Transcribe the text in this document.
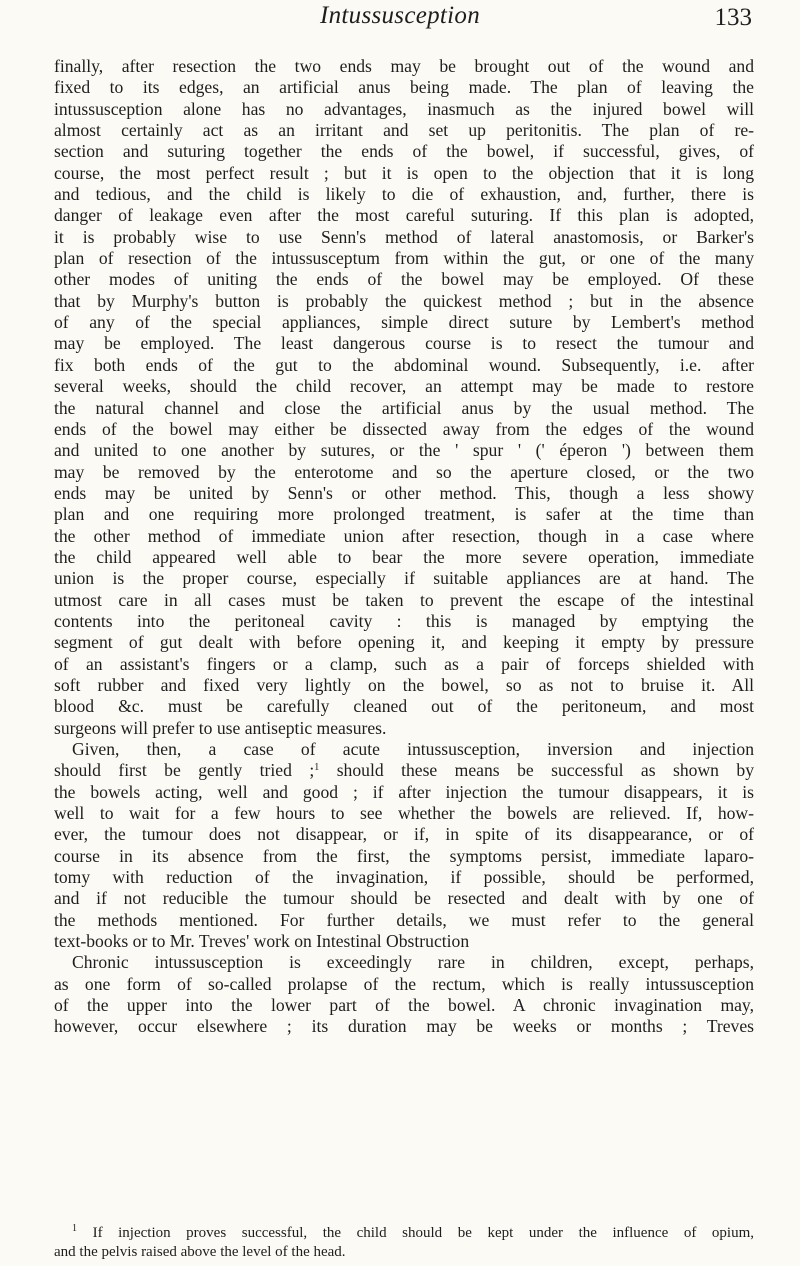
Intussusception	133
finally, after resection the two ends may be brought out of the wound and
fixed to its edges, an artificial anus being made. The plan of leaving the
intussusception alone has no advantages, inasmuch as the injured bowel will
almost certainly act as an irritant and set up peritonitis. The plan of re-
section and suturing together the ends of the bowel, if successful, gives, of
course, the most perfect result ; but it is open to the objection that it is long
and tedious, and the child is likely to die of exhaustion, and, further, there is
danger of leakage even after the most careful suturing. If this plan is adopted,
it is probably wise to use Senn's method of lateral anastomosis, or Barker's
plan of resection of the intussusceptum from within the gut, or one of the many
other modes of uniting the ends of the bowel may be employed. Of these
that by Murphy's button is probably the quickest method ; but in the absence
of any of the special appliances, simple direct suture by Lembert's method
may be employed. The least dangerous course is to resect the tumour and
fix both ends of the gut to the abdominal wound. Subsequently, i.e. after
several weeks, should the child recover, an attempt may be made to restore
the natural channel and close the artificial anus by the usual method. The
ends of the bowel may either be dissected away from the edges of the wound
and united to one another by sutures, or the ' spur ' (' éperon ') between them
may be removed by the enterotome and so the aperture closed, or the two
ends may be united by Senn's or other method. This, though a less showy
plan and one requiring more prolonged treatment, is safer at the time than
the other method of immediate union after resection, though in a case where
the child appeared well able to bear the more severe operation, immediate
union is the proper course, especially if suitable appliances are at hand. The
utmost care in all cases must be taken to prevent the escape of the intestinal
contents into the peritoneal cavity : this is managed by emptying the
segment of gut dealt with before opening it, and keeping it empty by pressure
of an assistant's fingers or a clamp, such as a pair of forceps shielded with
soft rubber and fixed very lightly on the bowel, so as not to bruise it. All
blood &c. must be carefully cleaned out of the peritoneum, and most
surgeons will prefer to use antiseptic measures.
Given, then, a case of acute intussusception, inversion and injection
should first be gently tried ;$^1$ should these means be successful as shown by
the bowels acting, well and good ; if after injection the tumour disappears, it is
well to wait for a few hours to see whether the bowels are relieved. If, how-
ever, the tumour does not disappear, or if, in spite of its disappearance, or of
course in its absence from the first, the symptoms persist, immediate laparo-
tomy with reduction of the invagination, if possible, should be performed,
and if not reducible the tumour should be resected and dealt with by one of
the methods mentioned. For further details, we must refer to the general
text-books or to Mr. Treves' work on Intestinal Obstruction
Chronic intussusception is exceedingly rare in children, except, perhaps,
as one form of so-called prolapse of the rectum, which is really intussusception
of the upper into the lower part of the bowel. A chronic invagination may,
however, occur elsewhere ; its duration may be weeks or months ; Treves
$^1$ If injection proves successful, the child should be kept under the influence of opium,
and the pelvis raised above the level of the head.
